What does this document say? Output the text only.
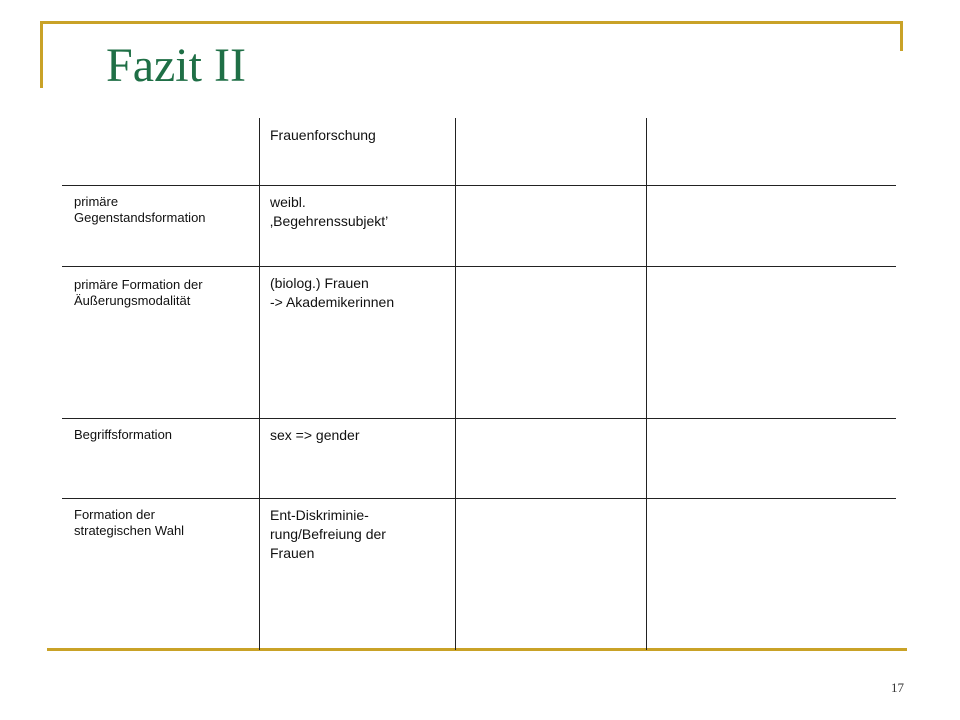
Fazit II
Frauenforschung
primäre
Gegenstandsformation
weibl.
‚Begehrenssubjekt’
primäre Formation der
Äußerungsmodalität
(biolog.) Frauen
-> Akademikerinnen
Begriffsformation	sex => gender
Formation der
strategischen Wahl
Ent-Diskriminie-
rung/Befreiung der
Frauen
17
